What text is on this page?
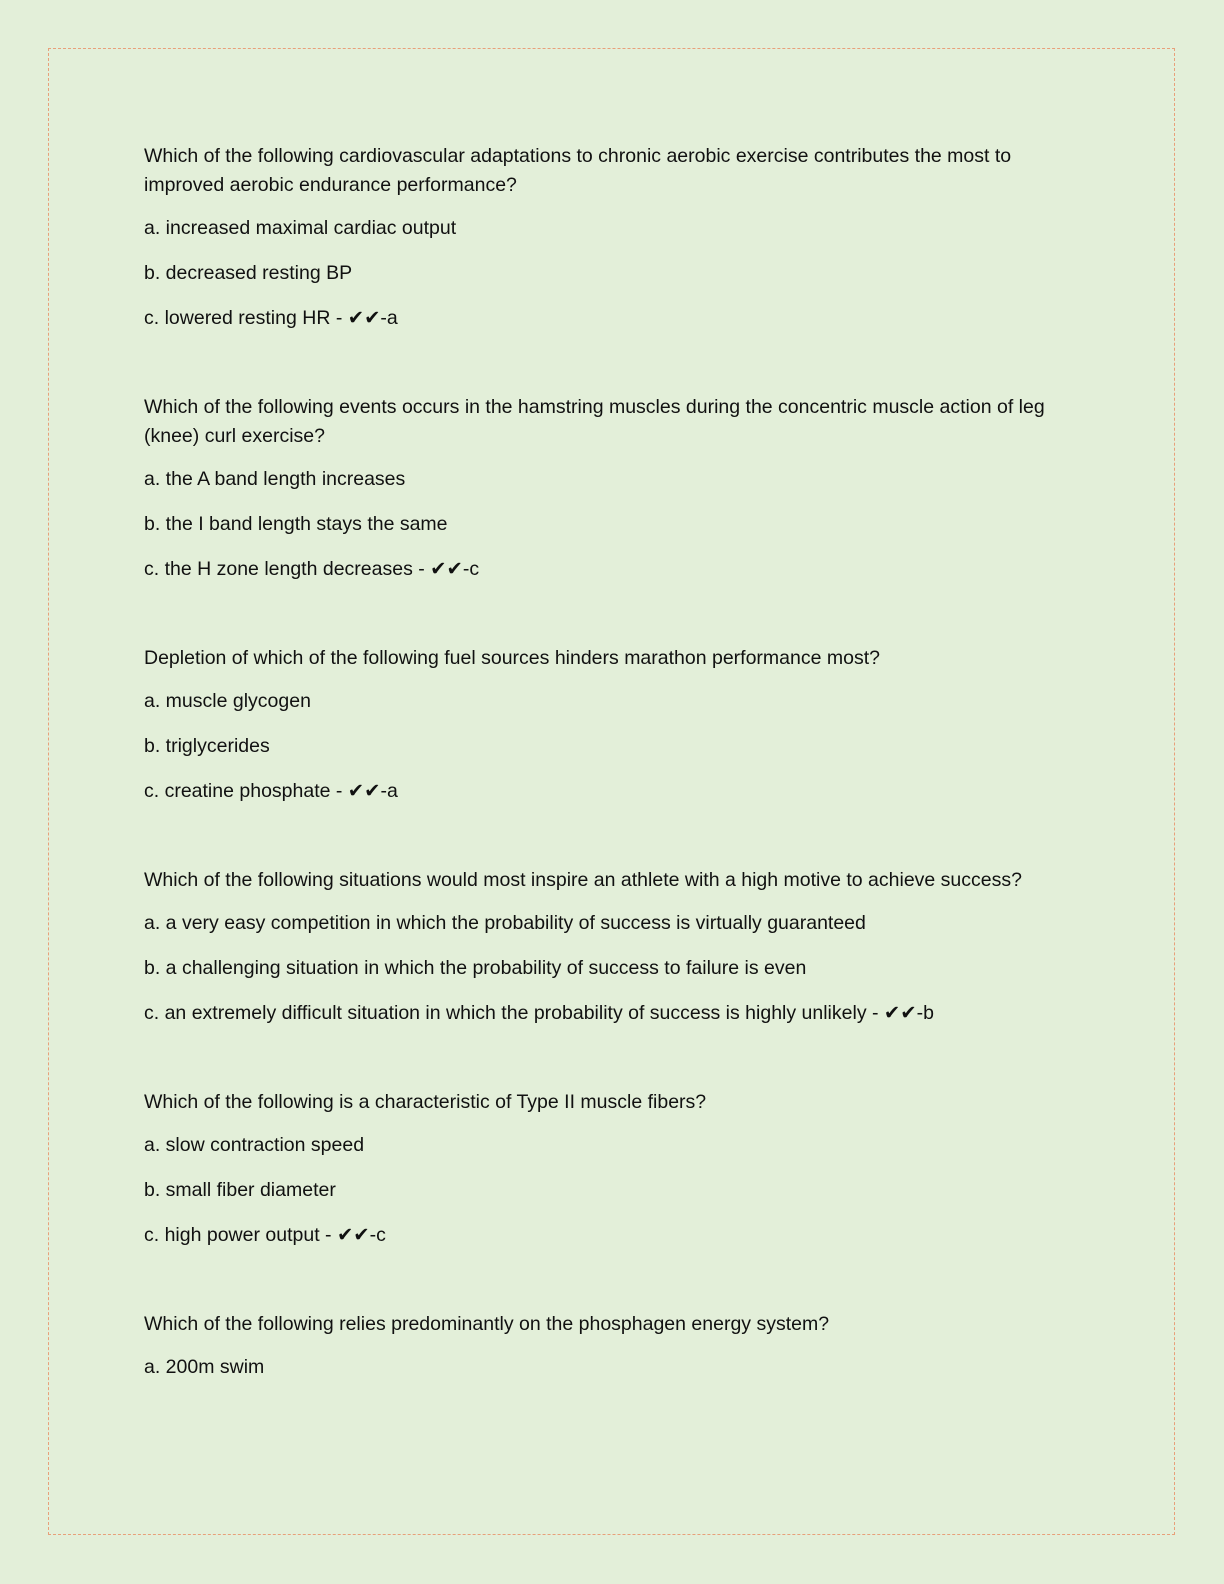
Which of the following cardiovascular adaptations to chronic aerobic exercise contributes the most to improved aerobic endurance performance?

a. increased maximal cardiac output

b. decreased resting BP

c. lowered resting HR - ✔✔-a

Which of the following events occurs in the hamstring muscles during the concentric muscle action of leg (knee) curl exercise?

a. the A band length increases

b. the I band length stays the same

c. the H zone length decreases - ✔✔-c

Depletion of which of the following fuel sources hinders marathon performance most?

a. muscle glycogen

b. triglycerides

c. creatine phosphate - ✔✔-a

Which of the following situations would most inspire an athlete with a high motive to achieve success?

a. a very easy competition in which the probability of success is virtually guaranteed

b. a challenging situation in which the probability of success to failure is even

c. an extremely difficult situation in which the probability of success is highly unlikely - ✔✔-b

Which of the following is a characteristic of Type II muscle fibers?

a. slow contraction speed

b. small fiber diameter

c. high power output - ✔✔-c

Which of the following relies predominantly on the phosphagen energy system?

a. 200m swim
